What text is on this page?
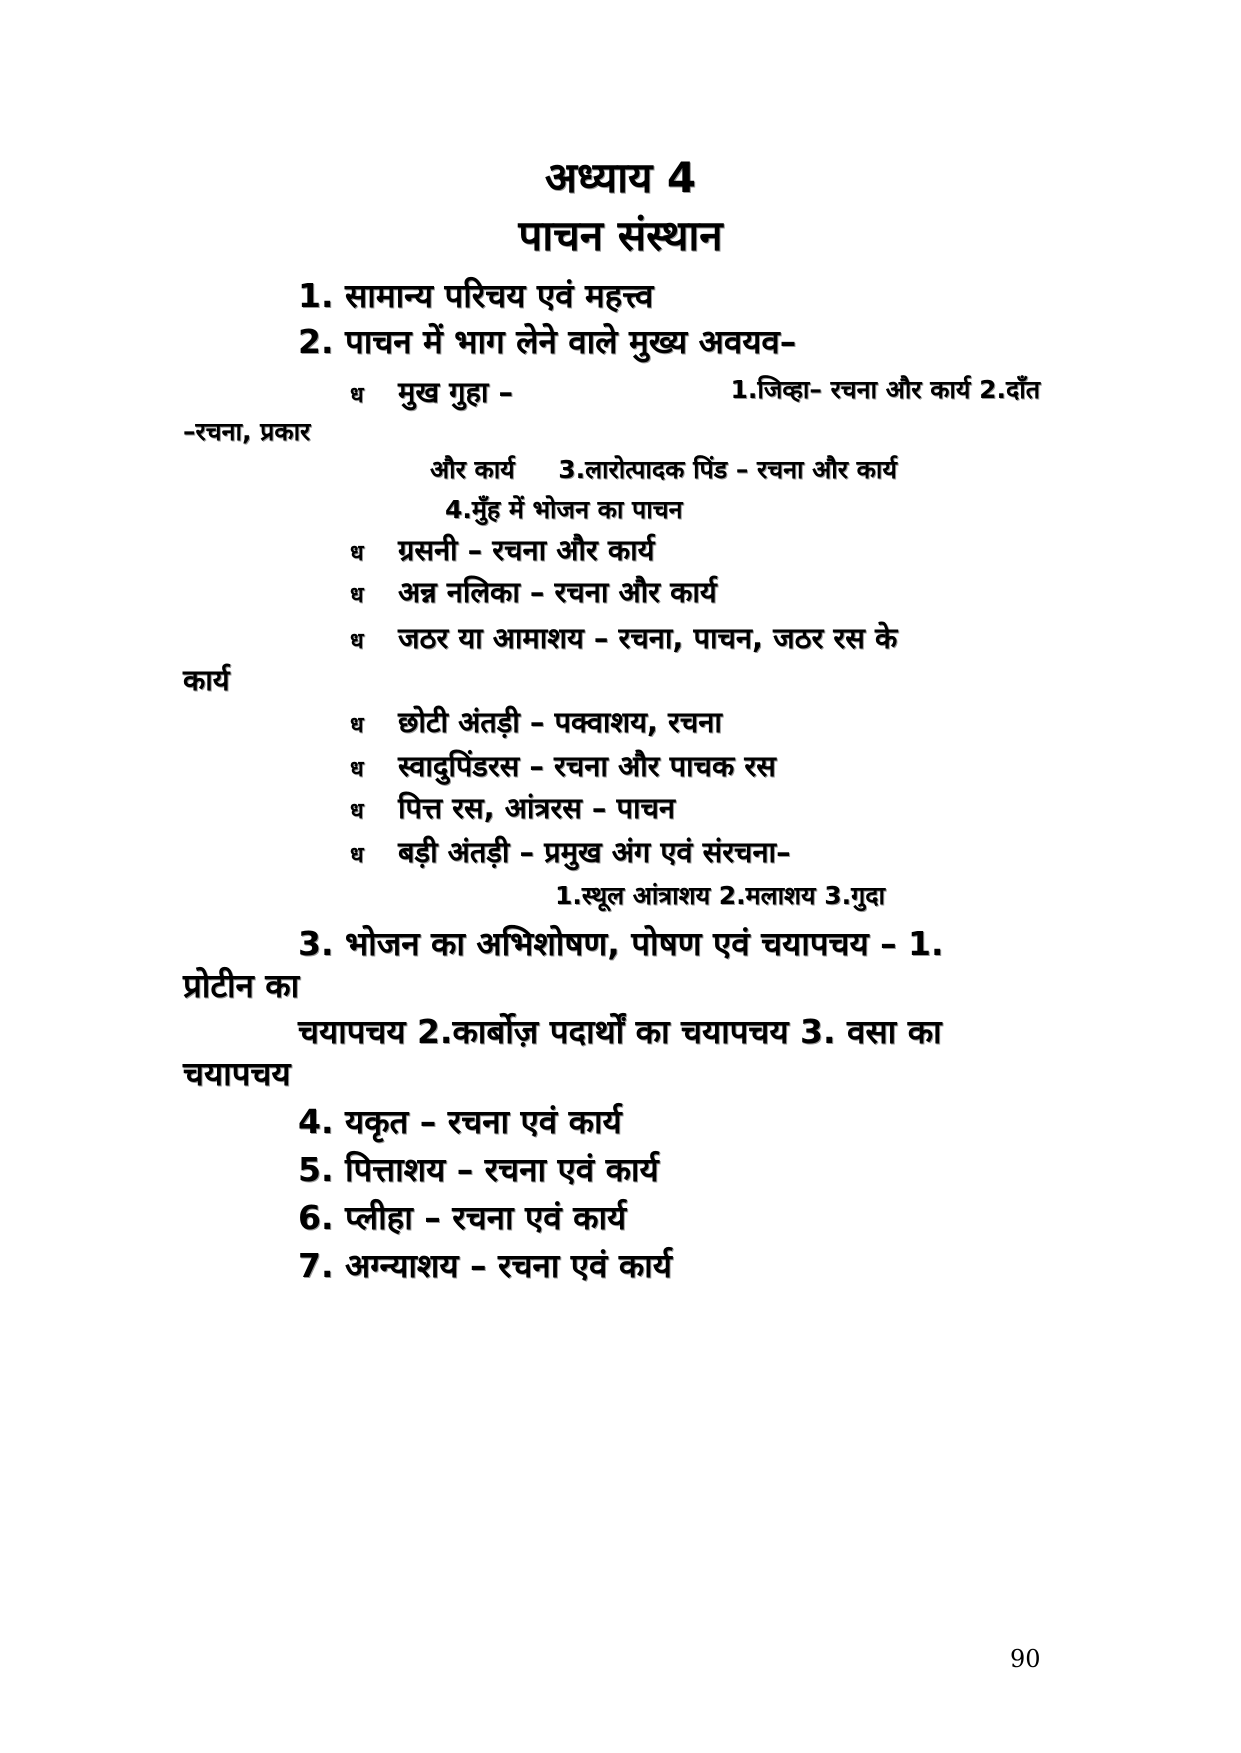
अध्याय 4
पाचन संस्थान
1. सामान्य परिचय एवं महत्त्व
2. पाचन में भाग लेने वाले मुख्य अवयव–
ध मुख गुहा –	1.जिव्हा– रचना और कार्य 2.दाँत
–रचना, प्रकार
और कार्य     3.लारोत्पादक पिंड – रचना और कार्य
4.मुँह में भोजन का पाचन
ध ग्रसनी – रचना और कार्य
ध अन्न नलिका – रचना और कार्य
ध जठर या आमाशय – रचना, पाचन, जठर रस के
कार्य
ध छोटी अंतड़ी – पक्वाशय, रचना
ध स्वादुपिंडरस – रचना और पाचक रस
ध पित्त रस, आंत्ररस – पाचन
ध बड़ी अंतड़ी – प्रमुख अंग एवं संरचना–
1.स्थूल आंत्राशय 2.मलाशय 3.गुदा
3. भोजन का अभिशोषण, पोषण एवं चयापचय – 1.
प्रोटीन का
चयापचय 2.कार्बोज़ पदार्थों का चयापचय 3. वसा का
चयापचय
4. यकृत – रचना एवं कार्य
5. पित्ताशय – रचना एवं कार्य
6. प्लीहा – रचना एवं कार्य
7. अग्न्याशय – रचना एवं कार्य
90
